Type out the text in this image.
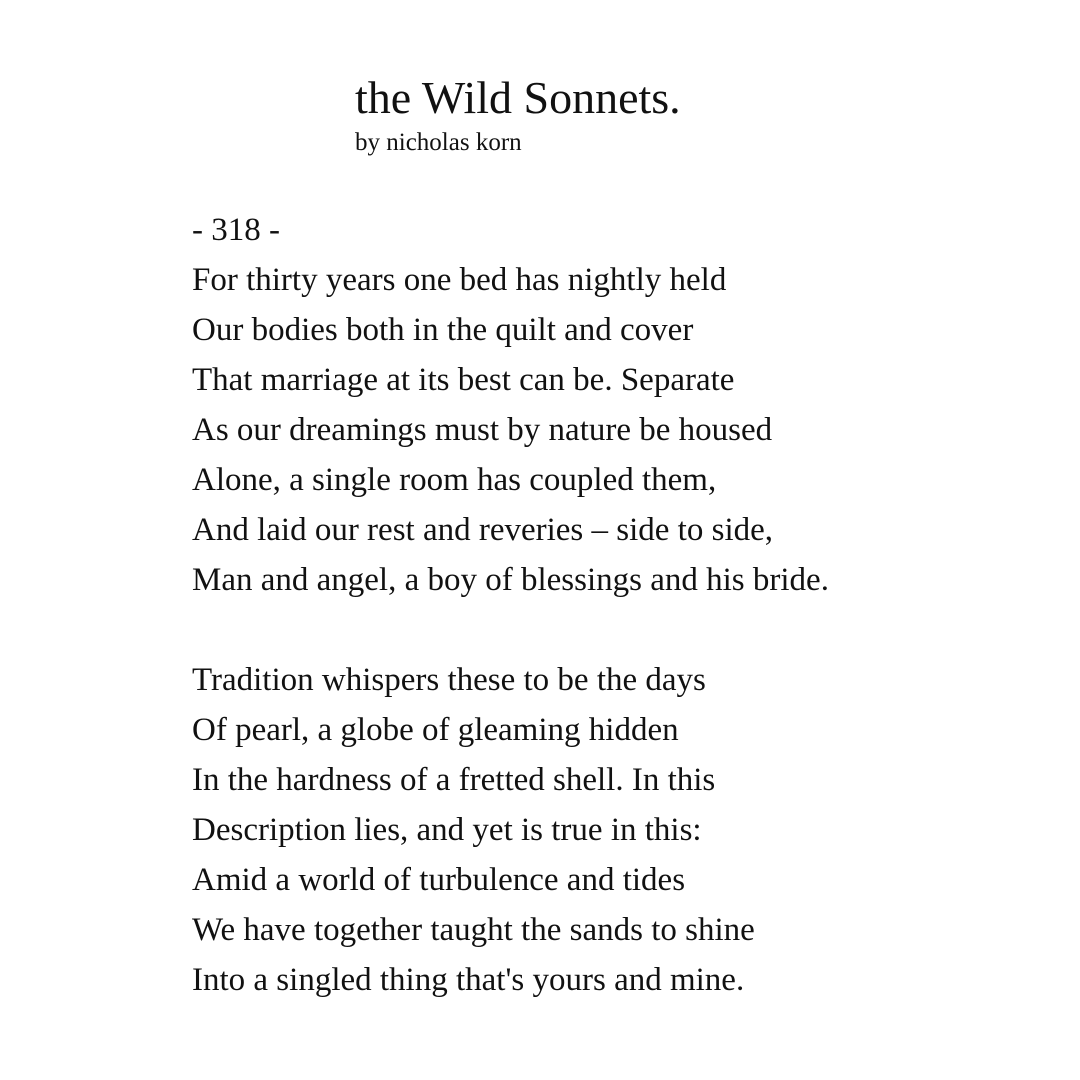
the Wild Sonnets.
by nicholas korn
- 318 -
For thirty years one bed has nightly held
Our bodies both in the quilt and cover
That marriage at its best can be. Separate
As our dreamings must by nature be housed
Alone, a single room has coupled them,
And laid our rest and reveries – side to side,
Man and angel, a boy of blessings and his bride.
Tradition whispers these to be the days
Of pearl, a globe of gleaming hidden
In the hardness of a fretted shell. In this
Description lies, and yet is true in this:
Amid a world of turbulence and tides
We have together taught the sands to shine
Into a singled thing that's yours and mine.
